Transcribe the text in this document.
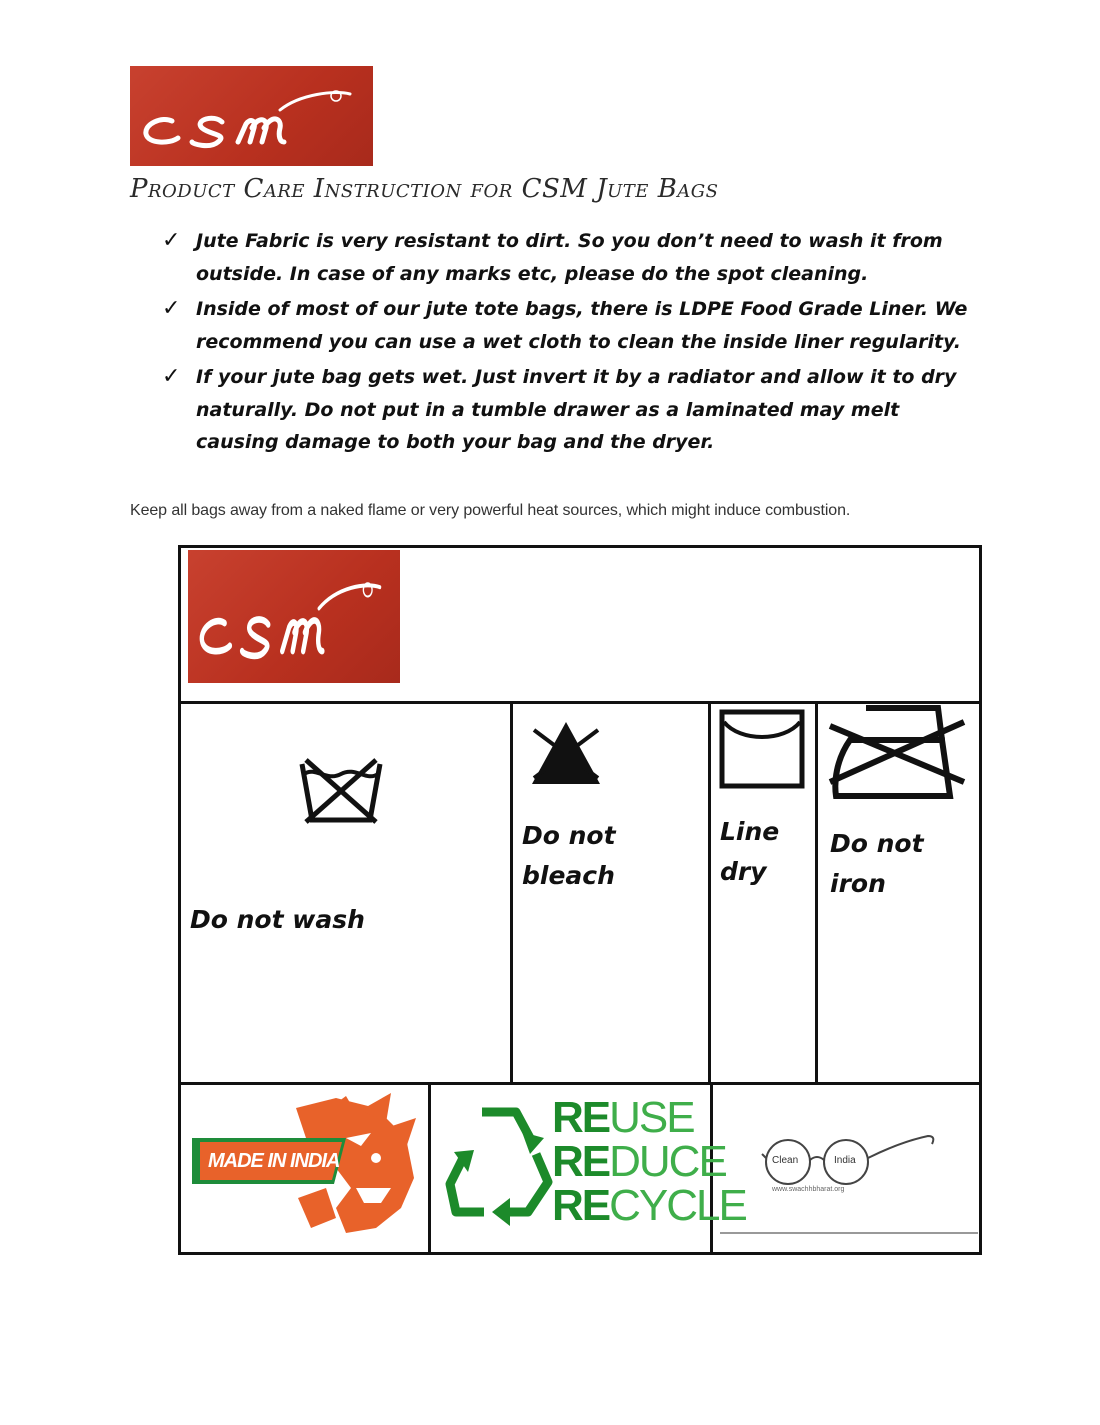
Product Care Instruction for CSM Jute Bags
✓ Jute Fabric is very resistant to dirt. So you don’t need to wash it from outside. In case of any marks etc, please do the spot cleaning.
✓ Inside of most of our jute tote bags, there is LDPE Food Grade Liner. We recommend you can use a wet cloth to clean the inside liner regularity.
✓ If your jute bag gets wet. Just invert it by a radiator and allow it to dry naturally. Do not put in a tumble drawer as a laminated may melt causing damage to both your bag and the dryer.
Keep all bags away from a naked flame or very powerful heat sources, which might induce combustion.
Do not wash
Do not bleach
Line dry
Do not iron
MADE IN INDIA
REUSE
REDUCE
RECYCLE
Clean	India
www.swachhbharat.org
